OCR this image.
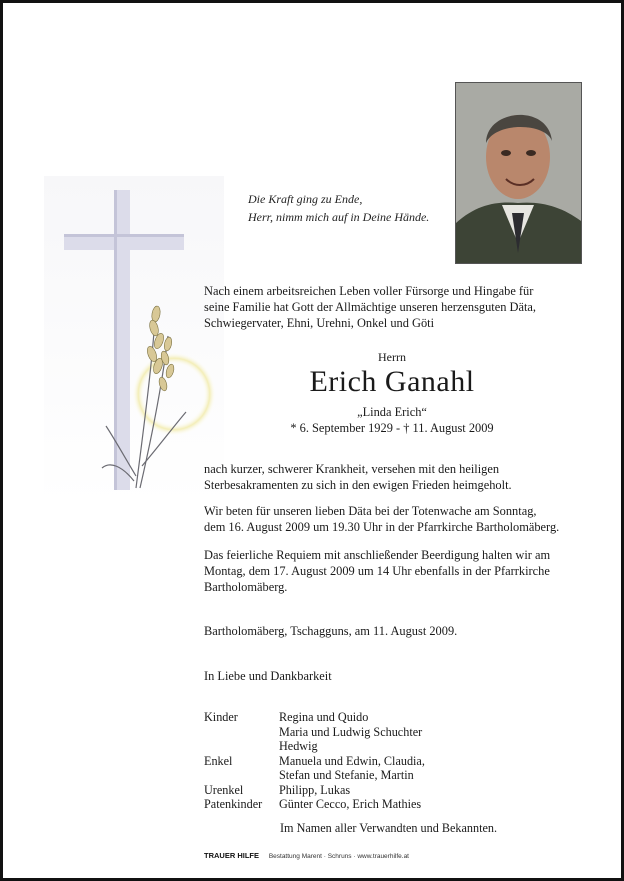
Die Kraft ging zu Ende,
Herr, nimm mich auf in Deine Hände.
Nach einem arbeitsreichen Leben voller Fürsorge und Hingabe für
seine Familie hat Gott der Allmächtige unseren herzensguten Däta,
Schwiegervater, Ehni, Urehni, Onkel und Göti
Herrn
Erich Ganahl
„Linda Erich“
* 6. September 1929 - † 11. August 2009
nach kurzer, schwerer Krankheit, versehen mit den heiligen
Sterbesakramenten zu sich in den ewigen Frieden heimgeholt.
Wir beten für unseren lieben Däta bei der Totenwache am Sonntag,
dem 16. August 2009 um 19.30 Uhr in der Pfarrkirche Bartholomäberg.
Das feierliche Requiem mit anschließender Beerdigung halten wir am
Montag, dem 17. August 2009 um 14 Uhr ebenfalls in der Pfarrkirche
Bartholomäberg.
Bartholomäberg, Tschagguns, am 11. August 2009.
In Liebe und Dankbarkeit
Kinder	Regina und Quido
Maria und Ludwig Schuchter
Hedwig
Enkel	Manuela und Edwin, Claudia,
Stefan und Stefanie, Martin
Urenkel	Philipp, Lukas
Patenkinder	Günter Cecco, Erich Mathies
Im Namen aller Verwandten und Bekannten.
TRAUER HILFE Bestattung Marent · Schruns · www.trauerhilfe.at
